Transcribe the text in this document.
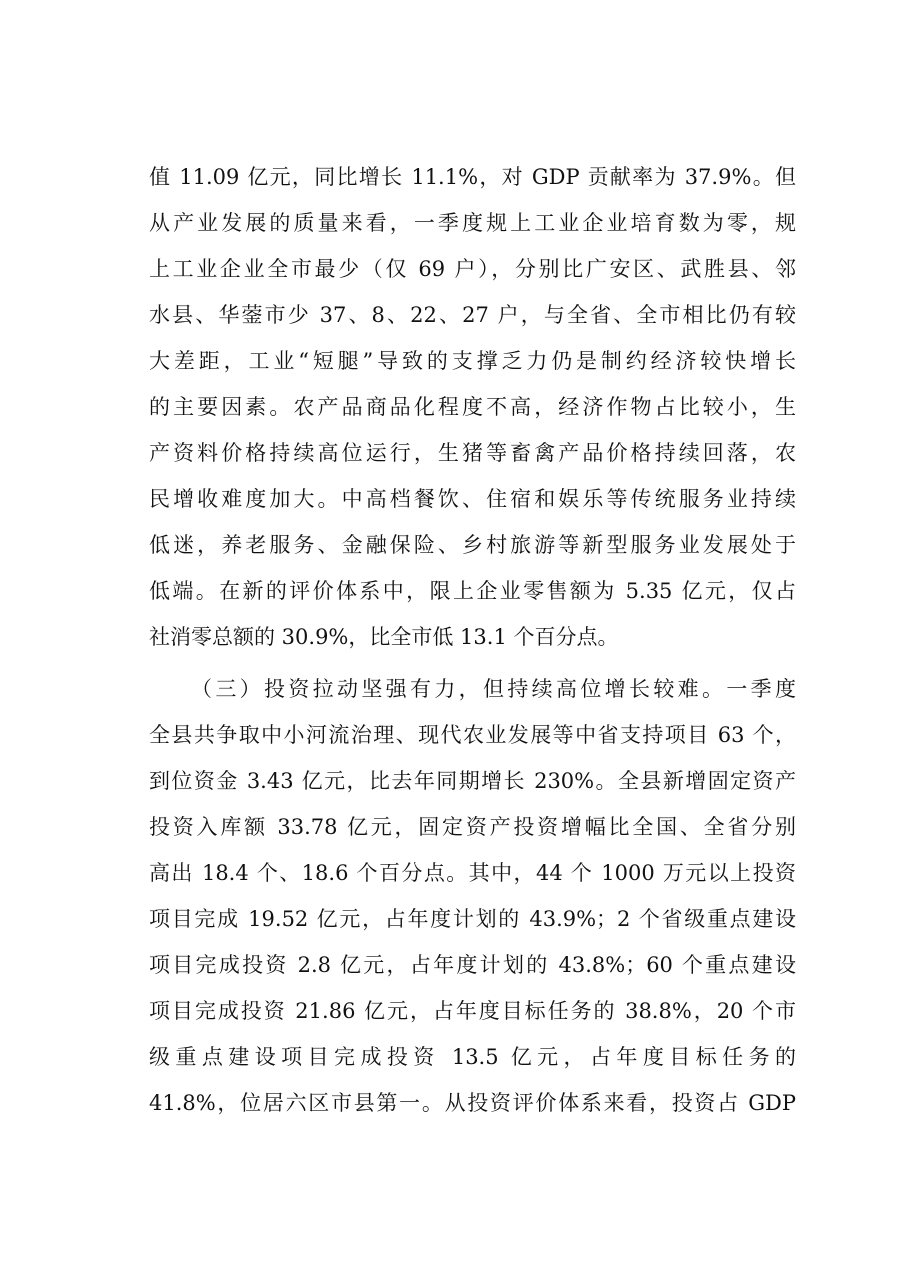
值 11.09 亿元，同比增长 11.1%，对 GDP 贡献率为 37.9%。但
从产业发展的质量来看，一季度规上工业企业培育数为零，规
上工业企业全市最少（仅 69 户），分别比广安区、武胜县、邻
水县、华蓥市少 37、8、22、27 户，与全省、全市相比仍有较
大差距，工业“短腿”导致的支撑乏力仍是制约经济较快增长
的主要因素。农产品商品化程度不高，经济作物占比较小，生
产资料价格持续高位运行，生猪等畜禽产品价格持续回落，农
民增收难度加大。中高档餐饮、住宿和娱乐等传统服务业持续
低迷，养老服务、金融保险、乡村旅游等新型服务业发展处于
低端。在新的评价体系中，限上企业零售额为 5.35 亿元，仅占
社消零总额的 30.9%，比全市低 13.1 个百分点。
（三）投资拉动坚强有力，但持续高位增长较难。一季度
全县共争取中小河流治理、现代农业发展等中省支持项目 63 个，
到位资金 3.43 亿元，比去年同期增长 230%。全县新增固定资产
投资入库额 33.78 亿元，固定资产投资增幅比全国、全省分别
高出 18.4 个、18.6 个百分点。其中，44 个 1000 万元以上投资
项目完成 19.52 亿元，占年度计划的 43.9%；2 个省级重点建设
项目完成投资 2.8 亿元，占年度计划的 43.8%；60 个重点建设
项目完成投资 21.86 亿元，占年度目标任务的 38.8%，20 个市
级重点建设项目完成投资 13.5 亿元，占年度目标任务的
41.8%，位居六区市县第一。从投资评价体系来看，投资占 GDP
